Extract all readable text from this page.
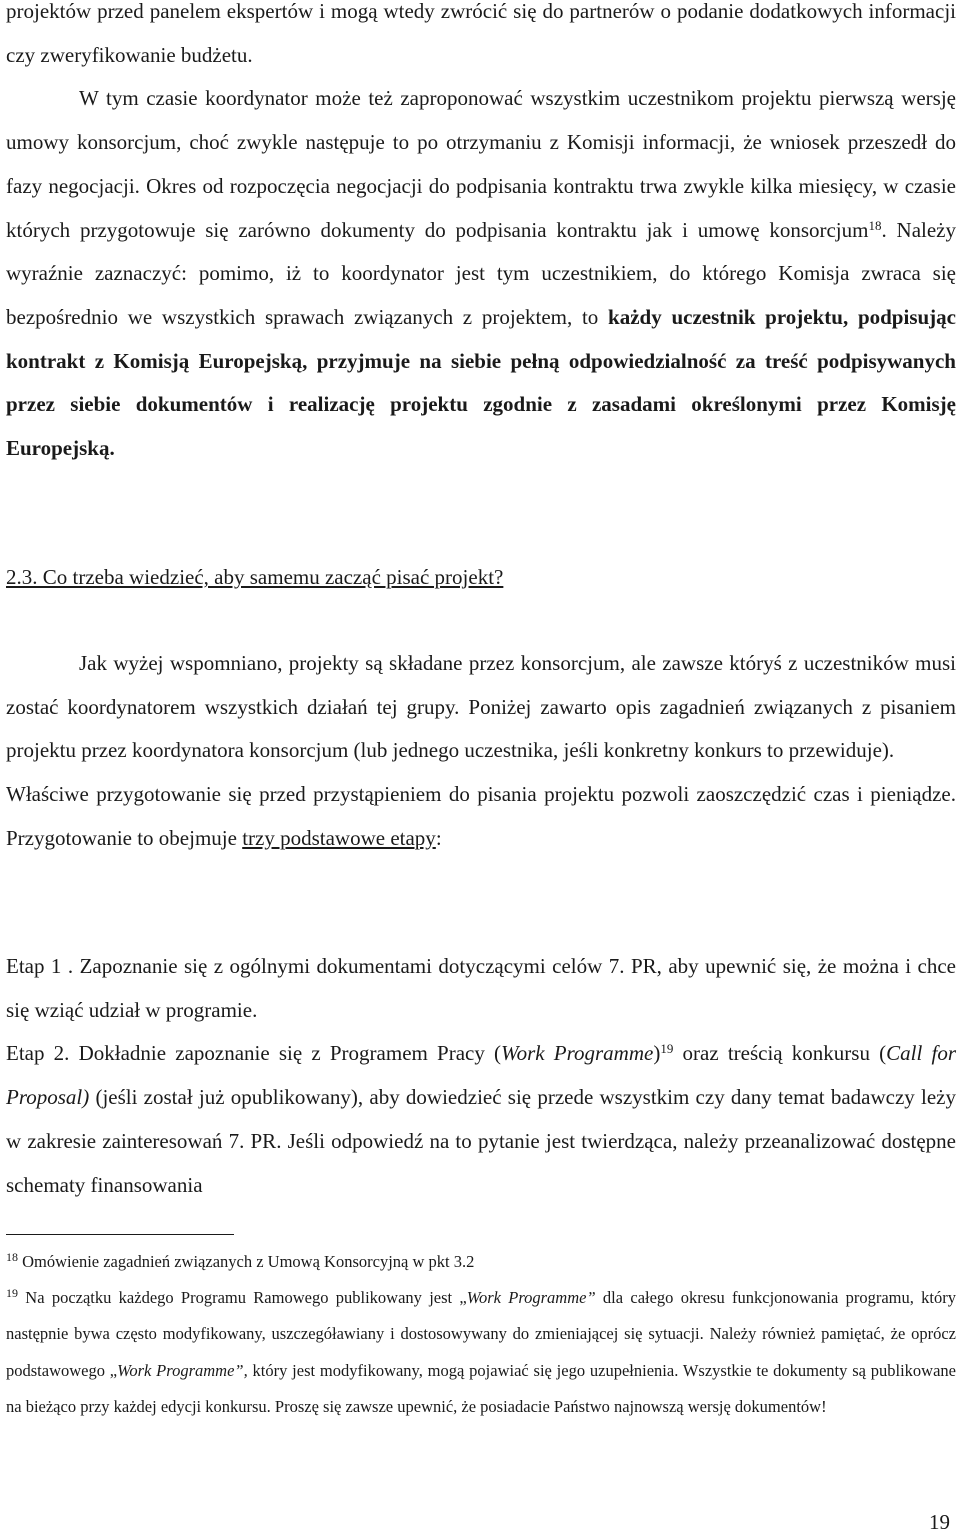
projektów przed panelem ekspertów i mogą wtedy zwrócić się do partnerów o podanie dodatkowych informacji czy zweryfikowanie budżetu.

W tym czasie koordynator może też zaproponować wszystkim uczestnikom projektu pierwszą wersję umowy konsorcjum, choć zwykle następuje to po otrzymaniu z Komisji informacji, że wniosek przeszedł do fazy negocjacji. Okres od rozpoczęcia negocjacji do podpisania kontraktu trwa zwykle kilka miesięcy, w czasie których przygotowuje się zarówno dokumenty do podpisania kontraktu jak i umowę konsorcjum$^{18}$. Należy wyraźnie zaznaczyć: pomimo, iż to koordynator jest tym uczestnikiem, do którego Komisja zwraca się bezpośrednio we wszystkich sprawach związanych z projektem, to każdy uczestnik projektu, podpisując kontrakt z Komisją Europejską, przyjmuje na siebie pełną odpowiedzialność za treść podpisywanych przez siebie dokumentów i realizację projektu zgodnie z zasadami określonymi przez Komisję Europejską.

2.3. Co trzeba wiedzieć, aby samemu zacząć pisać projekt?

Jak wyżej wspomniano, projekty są składane przez konsorcjum, ale zawsze któryś z uczestników musi zostać koordynatorem wszystkich działań tej grupy. Poniżej zawarto opis zagadnień związanych z pisaniem projektu przez koordynatora konsorcjum (lub jednego uczestnika, jeśli konkretny konkurs to przewiduje).

Właściwe przygotowanie się przed przystąpieniem do pisania projektu pozwoli zaoszczędzić czas i pieniądze. Przygotowanie to obejmuje trzy podstawowe etapy:

Etap 1 . Zapoznanie się z ogólnymi dokumentami dotyczącymi celów 7. PR, aby upewnić się, że można i chce się wziąć udział w programie.

Etap 2. Dokładnie zapoznanie się z Programem Pracy (Work Programme)$^{19}$ oraz treścią konkursu (Call for Proposal) (jeśli został już opublikowany), aby dowiedzieć się przede wszystkim czy dany temat badawczy leży w zakresie zainteresowań 7. PR. Jeśli odpowiedź na to pytanie jest twierdząca, należy przeanalizować dostępne schematy finansowania

$^{18}$ Omówienie zagadnień związanych z Umową Konsorcyjną w pkt 3.2

$^{19}$ Na początku każdego Programu Ramowego publikowany jest „Work Programme” dla całego okresu funkcjonowania programu, który następnie bywa często modyfikowany, uszczegóławiany i dostosowywany do zmieniającej się sytuacji. Należy również pamiętać, że oprócz podstawowego „Work Programme”, który jest modyfikowany, mogą pojawiać się jego uzupełnienia. Wszystkie te dokumenty są publikowane na bieżąco przy każdej edycji konkursu. Proszę się zawsze upewnić, że posiadacie Państwo najnowszą wersję dokumentów!

19
